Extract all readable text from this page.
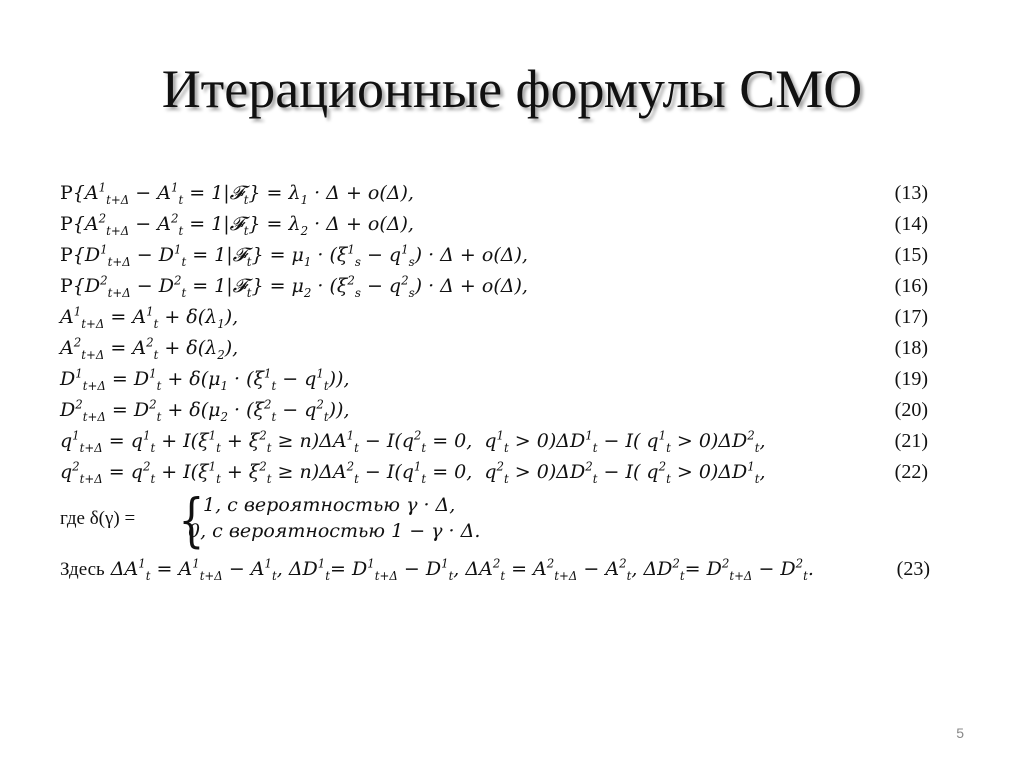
Итерационные формулы СМО
$P\{A^1_{t+\Delta} - A^1_t$ = 1|𝓕$_t$} = $\lambda_1 \cdot \Delta + o(\Delta)$,	(13)
$P\{A^2_{t+\Delta} - A^2_t$ = 1|𝓕$_t$} = $\lambda_2 \cdot \Delta + o(\Delta)$,	(14)
$P\{D^1_{t+\Delta} - D^1_t$ = 1|𝓕$_t$} = $\mu_1 \cdot (\xi^1_s - q^1_s) \cdot \Delta + o(\Delta)$,	(15)
$P\{D^2_{t+\Delta} - D^2_t$ = 1|𝓕$_t$} = $\mu_2 \cdot (\xi^2_s - q^2_s) \cdot \Delta + o(\Delta)$,	(16)
$A^1_{t+\Delta} = A^1_t + \delta(\lambda_1)$,	(17)
$A^2_{t+\Delta} = A^2_t + \delta(\lambda_2)$,	(18)
$D^1_{t+\Delta} = D^1_t + \delta(\mu_1 \cdot (\xi^1_t - q^1_t))$,	(19)
$D^2_{t+\Delta} = D^2_t + \delta(\mu_2 \cdot (\xi^2_t - q^2_t))$,	(20)
$q^1_{t+\Delta} = q^1_t + I(\xi^1_t + \xi^2_t \ge n)\Delta A^1_t - I(q^2_t = 0$,  $q^1_t > 0)\Delta D^1_t - I$( $q^1_t > 0)\Delta D^2_t$,	(21)
$q^2_{t+\Delta} = q^2_t + I(\xi^1_t + \xi^2_t \ge n)\Delta A^2_t - I(q^1_t = 0$,  $q^2_t > 0)\Delta D^2_t - I$( $q^2_t > 0)\Delta D^1_t$,	(22)
где δ(γ) = {
1, с вероятностью γ · Δ,
0, с вероятностью 1 − γ · Δ.
Здесь $\Delta A^1_t = A^1_{t+\Delta} - A^1_t$, $\Delta D^1_t= D^1_{t+\Delta} - D^1_t$, $\Delta A^2_t = A^2_{t+\Delta} - A^2_t$, $\Delta D^2_t= D^2_{t+\Delta} - D^2_t$.	(23)
5
